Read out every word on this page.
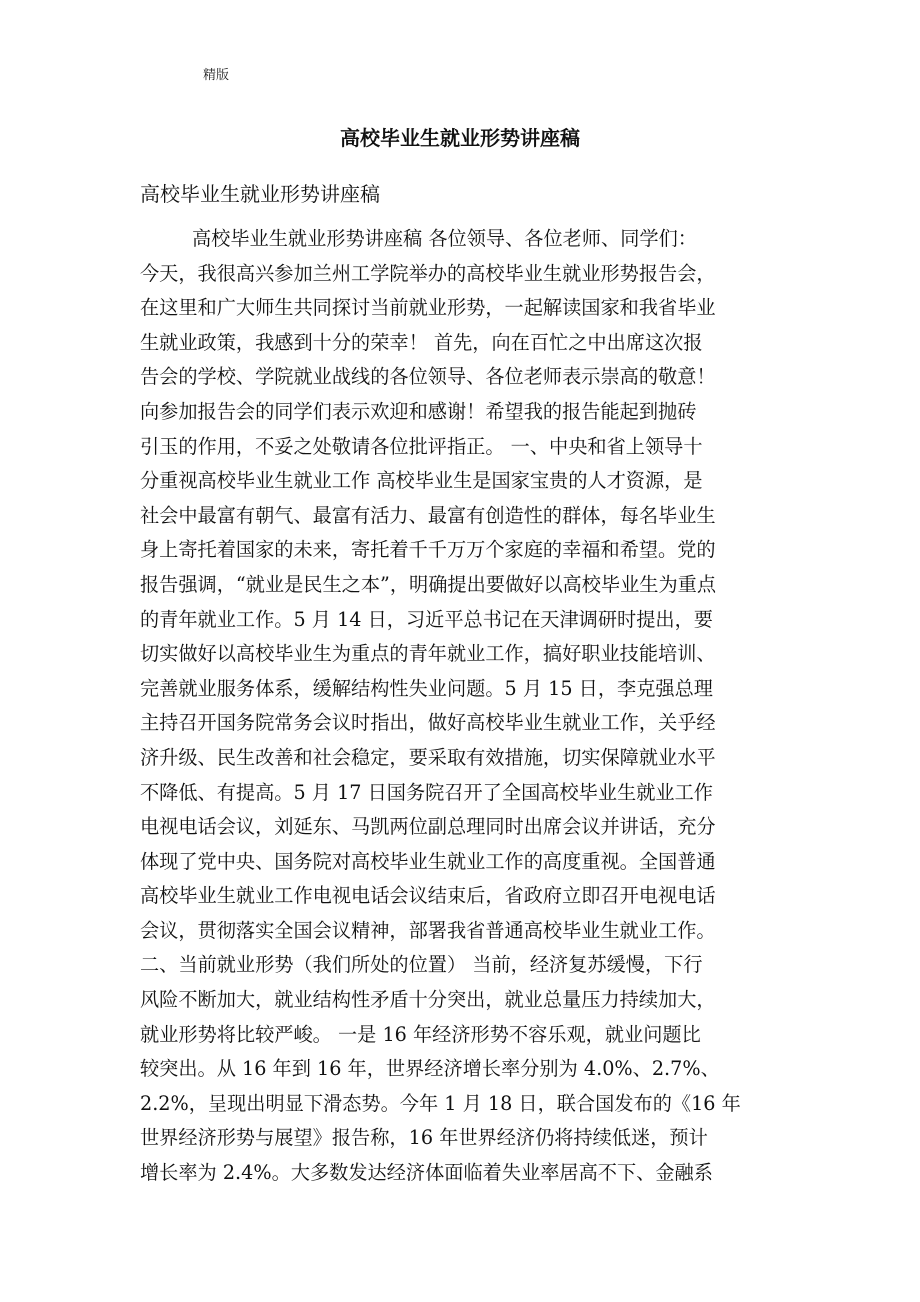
精版
高校毕业生就业形势讲座稿
高校毕业生就业形势讲座稿
高校毕业生就业形势讲座稿 各位领导、各位老师、同学们：
今天，我很高兴参加兰州工学院举办的高校毕业生就业形势报告会，
在这里和广大师生共同探讨当前就业形势，一起解读国家和我省毕业
生就业政策，我感到十分的荣幸！ 首先，向在百忙之中出席这次报
告会的学校、学院就业战线的各位领导、各位老师表示崇高的敬意！
向参加报告会的同学们表示欢迎和感谢！希望我的报告能起到抛砖
引玉的作用，不妥之处敬请各位批评指正。 一、中央和省上领导十
分重视高校毕业生就业工作 高校毕业生是国家宝贵的人才资源，是
社会中最富有朝气、最富有活力、最富有创造性的群体，每名毕业生
身上寄托着国家的未来，寄托着千千万万个家庭的幸福和希望。党的
报告强调，“就业是民生之本”，明确提出要做好以高校毕业生为重点
的青年就业工作。5 月 14 日，习近平总书记在天津调研时提出，要
切实做好以高校毕业生为重点的青年就业工作，搞好职业技能培训、
完善就业服务体系，缓解结构性失业问题。5 月 15 日，李克强总理
主持召开国务院常务会议时指出，做好高校毕业生就业工作，关乎经
济升级、民生改善和社会稳定，要采取有效措施，切实保障就业水平
不降低、有提高。5 月 17 日国务院召开了全国高校毕业生就业工作
电视电话会议，刘延东、马凯两位副总理同时出席会议并讲话，充分
体现了党中央、国务院对高校毕业生就业工作的高度重视。全国普通
高校毕业生就业工作电视电话会议结束后，省政府立即召开电视电话
会议，贯彻落实全国会议精神，部署我省普通高校毕业生就业工作。
二、当前就业形势（我们所处的位置） 当前，经济复苏缓慢，下行
风险不断加大，就业结构性矛盾十分突出，就业总量压力持续加大，
就业形势将比较严峻。 一是 16 年经济形势不容乐观，就业问题比
较突出。从 16 年到 16 年，世界经济增长率分别为 4.0%、2.7%、
2.2%，呈现出明显下滑态势。今年 1 月 18 日，联合国发布的《16 年
世界经济形势与展望》报告称，16 年世界经济仍将持续低迷，预计
增长率为 2.4%。大多数发达经济体面临着失业率居高不下、金融系
